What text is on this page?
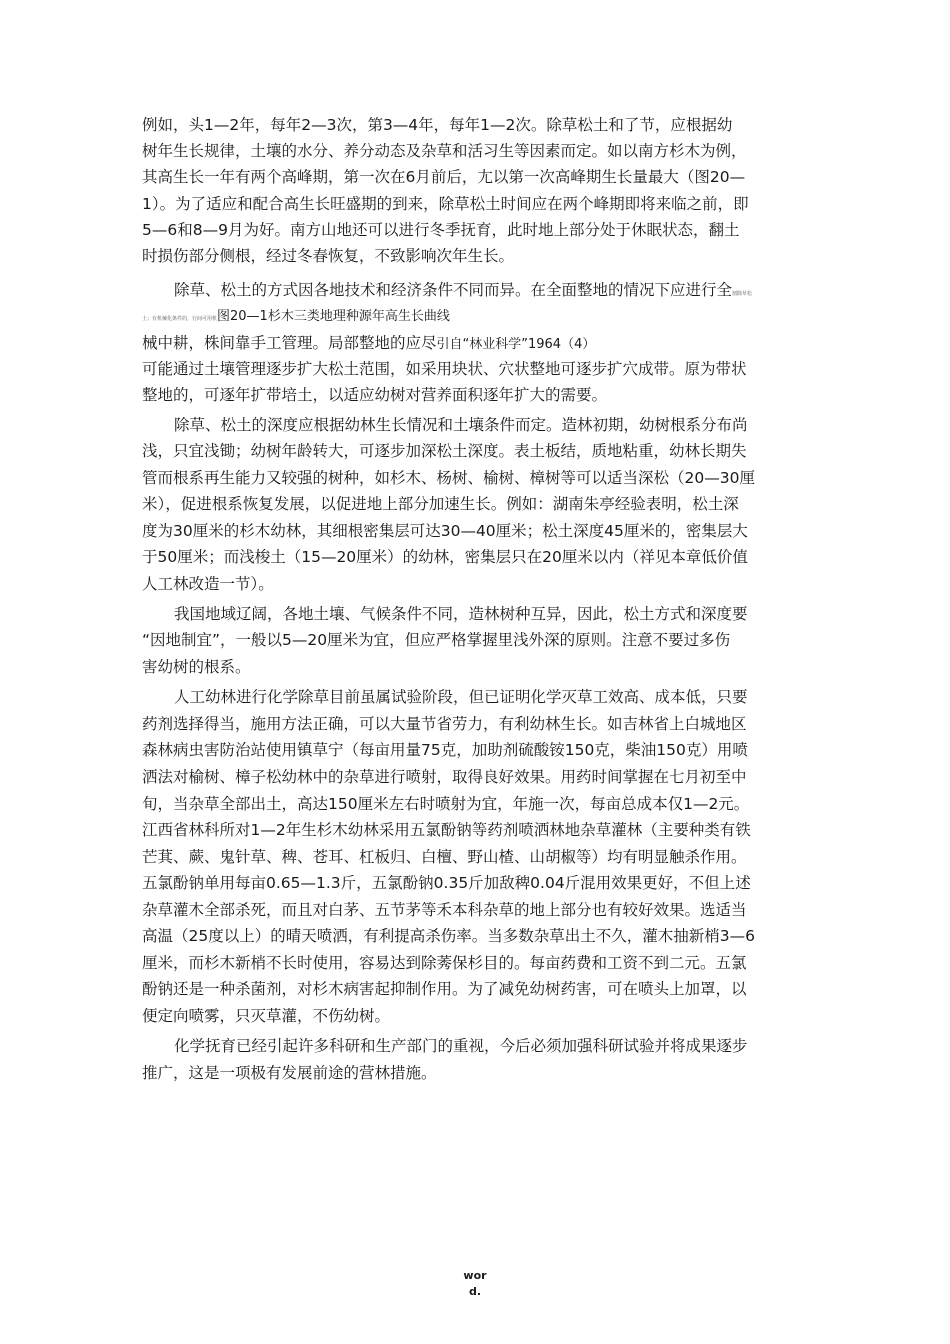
例如，头1—2年，每年2—3次，第3—4年，每年1—2次。除草松土和了节，应根据幼
树年生长规律，土壤的水分、养分动态及杂草和活习生等因素而定。如以南方杉木为例，
其高生长一年有两个高峰期，第一次在6月前后，尢以第一次高峰期生长量最大（图20—
1）。为了适应和配合高生长旺盛期的到来，除草松土时间应在两个峰期即将来临之前，即
5—6和8—9月为好。南方山地还可以进行冬季抚育，此时地上部分处于休眠状态，翻土
时损伤部分侧根，经过冬春恢复，不致影响次年生长。
除草、松土的方式因各地技术和经济条件不同而异。在全面整地的情况下应进行全 割除草松
土；有机械化条件的，行间可用机 图20—1杉木三类地理种源年高生长曲线
械中耕，株间靠手工管理。局部整地的应尽 引自“林业科学”1964（4）
可能通过土壤管理逐步扩大松土范围，如采用块状、穴状整地可逐步扩穴成带。原为带状
整地的，可逐年扩带培土，以适应幼树对营养面积逐年扩大的需要。
除草、松土的深度应根据幼林生长情况和土壤条件而定。造林初期，幼树根系分布尚
浅，只宜浅锄；幼树年龄转大，可逐步加深松土深度。表土板结，质地粘重，幼林长期失
管而根系再生能力又较强的树种，如杉木、杨树、榆树、樟树等可以适当深松（20—30厘
米），促进根系恢复发展，以促进地上部分加速生长。例如：湖南朱亭经验表明，松土深
度为30厘米的杉木幼林，其细根密集层可达30—40厘米；松土深度45厘米的，密集层大
于50厘米；而浅梭土（15—20厘米）的幼林，密集层只在20厘米以内（祥见本章低价值
人工林改造一节）。
我国地域辽阔，各地土壤、气候条件不同，造林树种互异，因此，松土方式和深度要
“因地制宜”，一般以5—20厘米为宜，但应严格掌握里浅外深的原则。注意不要过多伤
害幼树的根系。
人工幼林进行化学除草目前虽属试验阶段，但已证明化学灭草工效高、成本低，只要
药剂选择得当，施用方法正确，可以大量节省劳力，有利幼林生长。如吉林省上白城地区
森林病虫害防治站使用镇草宁（每亩用量75克，加助剂硫酸铵150克，柴油150克）用喷
洒法对榆树、樟子松幼林中的杂草进行喷射，取得良好效果。用药时间掌握在七月初至中
旬，当杂草全部出土，高达150厘米左右时喷射为宜，年施一次，每亩总成本仅1—2元。
江西省林科所对1—2年生杉木幼林采用五氯酚钠等药剂喷洒林地杂草灌林（主要种类有铁
芒萁、蕨、鬼针草、稗、苍耳、杠板归、白檀、野山楂、山胡椒等）均有明显触杀作用。
五氯酚钠单用每亩0.65—1.3斤，五氯酚钠0.35斤加敌稗0.04斤混用效果更好，不但上述
杂草灌木全部杀死，而且对白茅、五节茅等禾本科杂草的地上部分也有较好效果。选适当
高温（25度以上）的晴天喷洒，有利提高杀伤率。当多数杂草出土不久，灌木抽新梢3—6
厘米，而杉木新梢不长时使用，容易达到除莠保杉目的。每亩药费和工资不到二元。五氯
酚钠还是一种杀菌剂，对杉木病害起抑制作用。为了减免幼树药害，可在喷头上加罩，以
便定向喷雾，只灭草灌，不伤幼树。
化学抚育已经引起许多科研和生产部门的重视，今后必须加强科研试验并将成果逐步
推广，这是一项极有发展前途的营林措施。
wor
d.
